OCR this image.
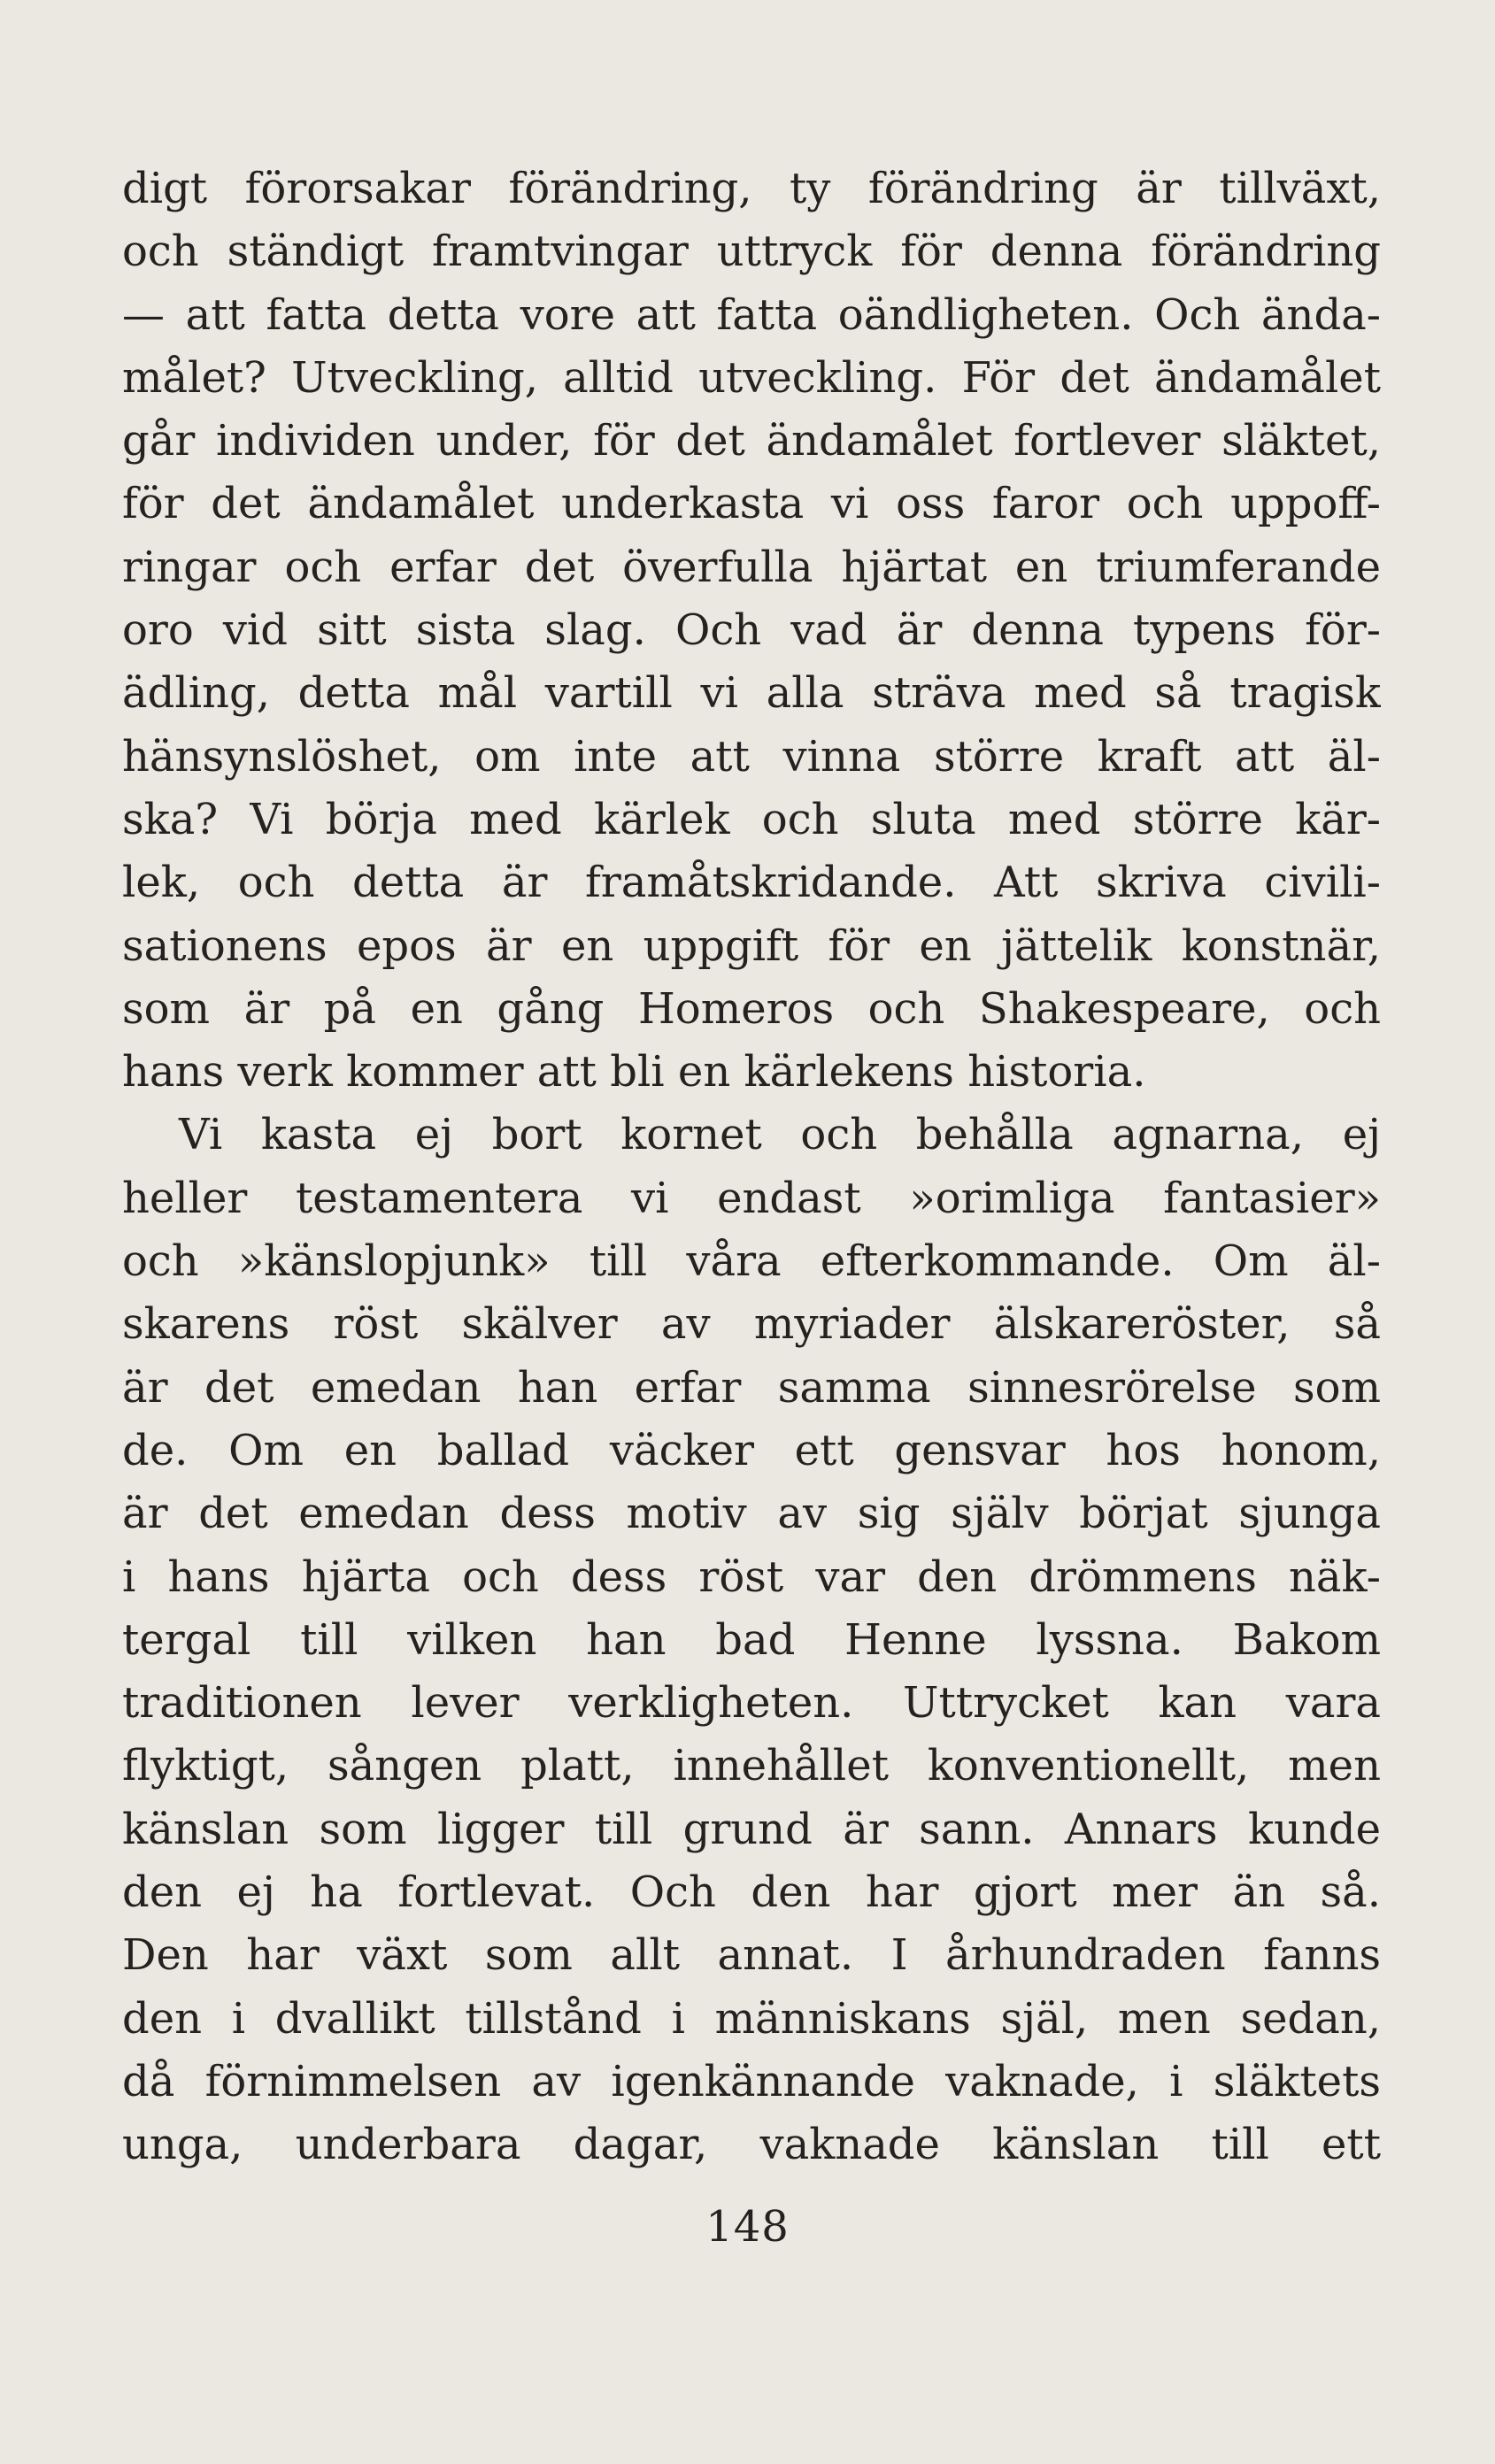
digt förorsakar förändring, ty förändring är tillväxt,
och ständigt framtvingar uttryck för denna förändring
— att fatta detta vore att fatta oändligheten. Och ända-
målet? Utveckling, alltid utveckling. För det ändamålet
går individen under, för det ändamålet fortlever släktet,
för det ändamålet underkasta vi oss faror och uppoff-
ringar och erfar det överfulla hjärtat en triumferande
oro vid sitt sista slag. Och vad är denna typens för-
ädling, detta mål vartill vi alla sträva med så tragisk
hänsynslöshet, om inte att vinna större kraft att äl-
ska? Vi börja med kärlek och sluta med större kär-
lek, och detta är framåtskridande. Att skriva civili-
sationens epos är en uppgift för en jättelik konstnär,
som är på en gång Homeros och Shakespeare, och
hans verk kommer att bli en kärlekens historia.
Vi kasta ej bort kornet och behålla agnarna, ej
heller testamentera vi endast »orimliga fantasier»
och »känslopjunk» till våra efterkommande. Om äl-
skarens röst skälver av myriader älskareröster, så
är det emedan han erfar samma sinnesrörelse som
de. Om en ballad väcker ett gensvar hos honom,
är det emedan dess motiv av sig själv börjat sjunga
i hans hjärta och dess röst var den drömmens näk-
tergal till vilken han bad Henne lyssna. Bakom
traditionen lever verkligheten. Uttrycket kan vara
flyktigt, sången platt, innehållet konventionellt, men
känslan som ligger till grund är sann. Annars kunde
den ej ha fortlevat. Och den har gjort mer än så.
Den har växt som allt annat. I århundraden fanns
den i dvallikt tillstånd i människans själ, men sedan,
då förnimmelsen av igenkännande vaknade, i släktets
unga, underbara dagar, vaknade känslan till ett
148
